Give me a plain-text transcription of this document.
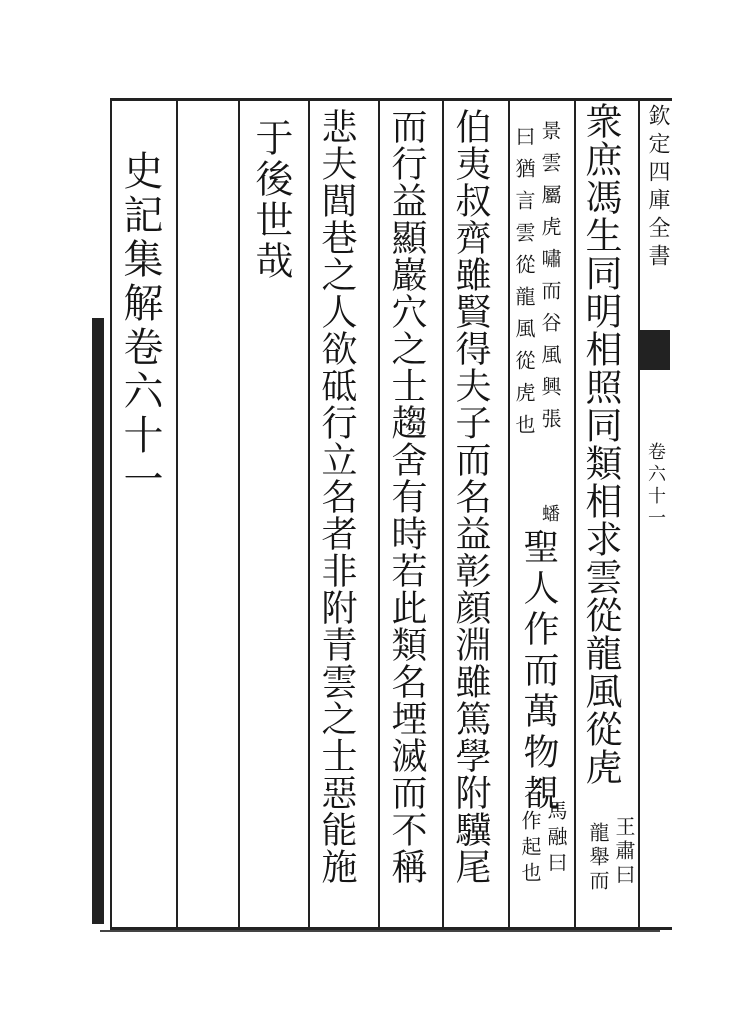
史記集解卷六十一 于後世哉 悲夫閭巷之人欲砥行立名者非附青雲之士惡能施 而行益顯巖穴之士趨舍有時若此類名堙滅而不稱 伯夷叔齊雖賢得夫子而名益彰顔淵雖篤學附驥尾 景雲屬虎嘯而谷風興張
曰猶言雲從龍風從虎也
蟠
聖人作而萬物覩
馬融曰
作起也
衆庶馮生同明相照同類相求雲從龍風從虎
王肅曰
龍舉而
欽定四庫全書
卷六十一
